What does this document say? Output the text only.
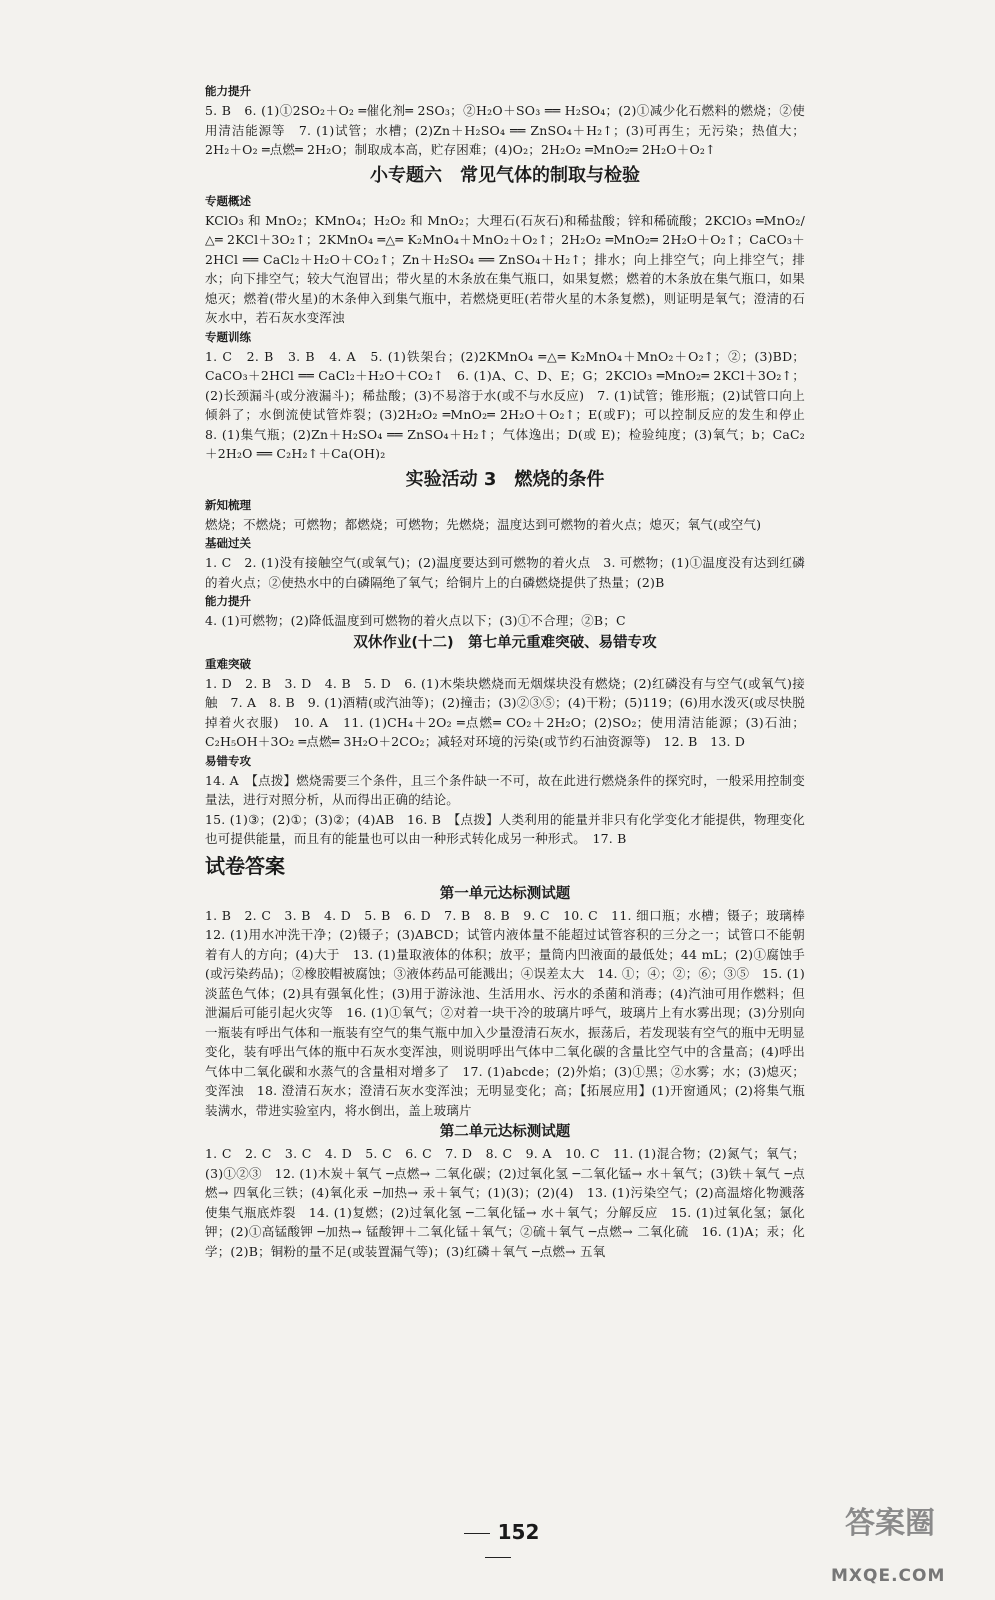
能力提升

5. B　6. (1)①2SO₂＋O₂ ═催化剂═ 2SO₃；②H₂O＋SO₃ ══ H₂SO₄；(2)①减少化石燃料的燃烧；②使用清洁能源等　7. (1)试管；水槽；(2)Zn＋H₂SO₄ ══ ZnSO₄＋H₂↑；(3)可再生；无污染；热值大；2H₂＋O₂ ═点燃═ 2H₂O；制取成本高，贮存困难；(4)O₂；2H₂O₂ ═MnO₂═ 2H₂O＋O₂↑

小专题六　常见气体的制取与检验

专题概述

KClO₃ 和 MnO₂；KMnO₄；H₂O₂ 和 MnO₂；大理石(石灰石)和稀盐酸；锌和稀硫酸；2KClO₃ ═MnO₂/△═ 2KCl＋3O₂↑；2KMnO₄ ═△═ K₂MnO₄＋MnO₂＋O₂↑；2H₂O₂ ═MnO₂═ 2H₂O＋O₂↑；CaCO₃＋2HCl ══ CaCl₂＋H₂O＋CO₂↑；Zn＋H₂SO₄ ══ ZnSO₄＋H₂↑；排水；向上排空气；向上排空气；排水；向下排空气；较大气泡冒出；带火星的木条放在集气瓶口，如果复燃；燃着的木条放在集气瓶口，如果熄灭；燃着(带火星)的木条伸入到集气瓶中，若燃烧更旺(若带火星的木条复燃)，则证明是氧气；澄清的石灰水中，若石灰水变浑浊

专题训练

1. C　2. B　3. B　4. A　5. (1)铁架台；(2)2KMnO₄ ═△═ K₂MnO₄＋MnO₂＋O₂↑；②；(3)BD；CaCO₃＋2HCl ══ CaCl₂＋H₂O＋CO₂↑　6. (1)A、C、D、E；G；2KClO₃ ═MnO₂═ 2KCl＋3O₂↑；(2)长颈漏斗(或分液漏斗)；稀盐酸；(3)不易溶于水(或不与水反应)　7. (1)试管；锥形瓶；(2)试管口向上倾斜了；水倒流使试管炸裂；(3)2H₂O₂ ═MnO₂═ 2H₂O＋O₂↑；E(或F)；可以控制反应的发生和停止　8. (1)集气瓶；(2)Zn＋H₂SO₄ ══ ZnSO₄＋H₂↑；气体逸出；D(或 E)；检验纯度；(3)氧气；b；CaC₂＋2H₂O ══ C₂H₂↑＋Ca(OH)₂

实验活动 3　燃烧的条件

新知梳理

燃烧；不燃烧；可燃物；都燃烧；可燃物；先燃烧；温度达到可燃物的着火点；熄灭；氧气(或空气)

基础过关

1. C　2. (1)没有接触空气(或氧气)；(2)温度要达到可燃物的着火点　3. 可燃物；(1)①温度没有达到红磷的着火点；②使热水中的白磷隔绝了氧气；给铜片上的白磷燃烧提供了热量；(2)B

能力提升

4. (1)可燃物；(2)降低温度到可燃物的着火点以下；(3)①不合理；②B；C

双休作业(十二)　第七单元重难突破、易错专攻

重难突破

1. D　2. B　3. D　4. B　5. D　6. (1)木柴块燃烧而无烟煤块没有燃烧；(2)红磷没有与空气(或氧气)接触　7. A　8. B　9. (1)酒精(或汽油等)；(2)撞击；(3)②③⑤；(4)干粉；(5)119；(6)用水泼灭(或尽快脱掉着火衣服)　10. A　11. (1)CH₄＋2O₂ ═点燃═ CO₂＋2H₂O；(2)SO₂；使用清洁能源；(3)石油；C₂H₅OH＋3O₂ ═点燃═ 3H₂O＋2CO₂；减轻对环境的污染(或节约石油资源等)　12. B　13. D

易错专攻

14. A　【点拨】燃烧需要三个条件，且三个条件缺一不可，故在此进行燃烧条件的探究时，一般采用控制变量法，进行对照分析，从而得出正确的结论。

15. (1)③；(2)①；(3)②；(4)AB　16. B　【点拨】人类利用的能量并非只有化学变化才能提供，物理变化也可提供能量，而且有的能量也可以由一种形式转化成另一种形式。　17. B

试卷答案

第一单元达标测试题

1. B　2. C　3. B　4. D　5. B　6. D　7. B　8. B　9. C　10. C　11. 细口瓶；水槽；镊子；玻璃棒　12. (1)用水冲洗干净；(2)镊子；(3)ABCD；试管内液体量不能超过试管容积的三分之一；试管口不能朝着有人的方向；(4)大于　13. (1)量取液体的体积；放平；量筒内凹液面的最低处；44 mL；(2)①腐蚀手(或污染药品)；②橡胶帽被腐蚀；③液体药品可能溅出；④误差太大　14. ①；④；②；⑥；③⑤　15. (1)淡蓝色气体；(2)具有强氧化性；(3)用于游泳池、生活用水、污水的杀菌和消毒；(4)汽油可用作燃料；但泄漏后可能引起火灾等　16. (1)①氧气；②对着一块干冷的玻璃片呼气，玻璃片上有水雾出现；(3)分别向一瓶装有呼出气体和一瓶装有空气的集气瓶中加入少量澄清石灰水，振荡后，若发现装有空气的瓶中无明显变化，装有呼出气体的瓶中石灰水变浑浊，则说明呼出气体中二氧化碳的含量比空气中的含量高；(4)呼出气体中二氧化碳和水蒸气的含量相对增多了　17. (1)abcde；(2)外焰；(3)①黑；②水雾；水；(3)熄灭；变浑浊　18. 澄清石灰水；澄清石灰水变浑浊；无明显变化；高；【拓展应用】(1)开窗通风；(2)将集气瓶装满水，带进实验室内，将水倒出，盖上玻璃片

第二单元达标测试题

1. C　2. C　3. C　4. D　5. C　6. C　7. D　8. C　9. A　10. C　11. (1)混合物；(2)氮气；氧气；(3)①②③　12. (1)木炭＋氧气 ─点燃→ 二氧化碳；(2)过氧化氢 ─二氧化锰→ 水＋氧气；(3)铁＋氧气 ─点燃→ 四氧化三铁；(4)氧化汞 ─加热→ 汞＋氧气；(1)(3)；(2)(4)　13. (1)污染空气；(2)高温熔化物溅落使集气瓶底炸裂　14. (1)复燃；(2)过氧化氢 ─二氧化锰→ 水＋氧气；分解反应　15. (1)过氧化氢；氯化钾；(2)①高锰酸钾 ─加热→ 锰酸钾＋二氧化锰＋氧气；②硫＋氧气 ─点燃→ 二氧化硫　16. (1)A；汞；化学；(2)B；铜粉的量不足(或装置漏气等)；(3)红磷＋氧气 ─点燃→ 五氧

152	答案圈
MXQE.COM
